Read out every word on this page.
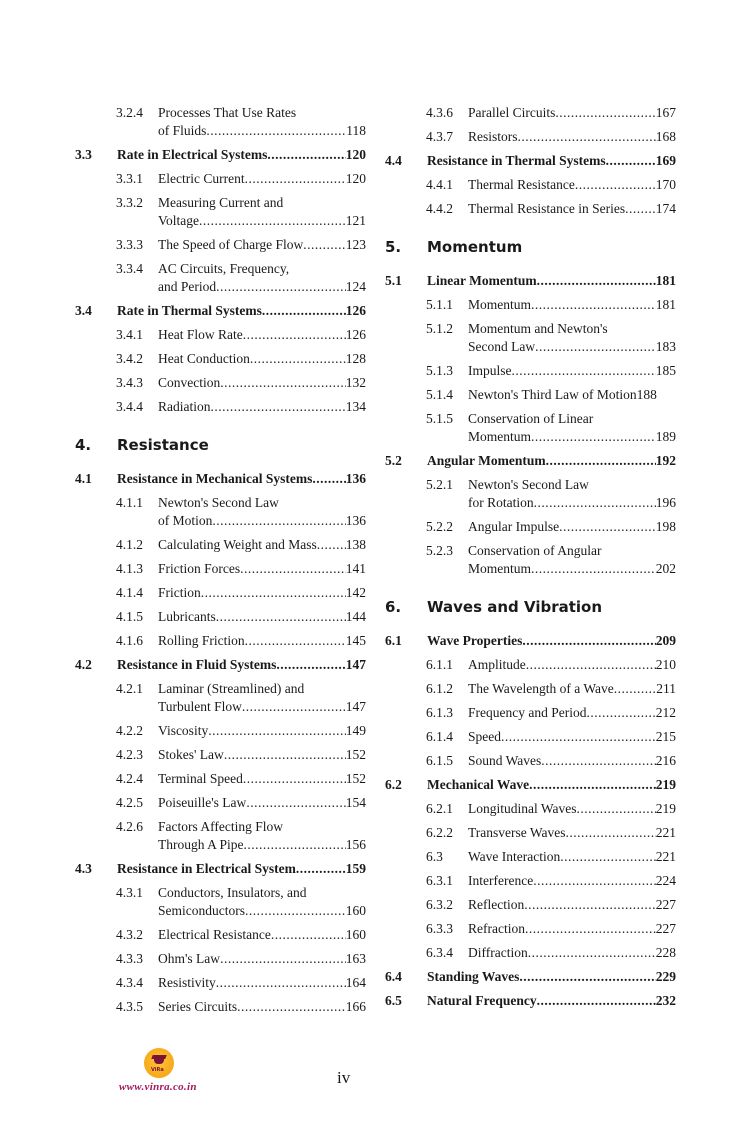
3.2.4 Processes That Use Rates
of Fluids .....	118
3.3 Rate in Electrical Systems .....	120
3.3.1 Electric Current .....	120
3.3.2 Measuring Current and
Voltage .....	121
3.3.3 The Speed of Charge Flow .....	123
3.3.4 AC Circuits, Frequency,
and Period .....	124
3.4 Rate in Thermal Systems .....	126
3.4.1 Heat Flow Rate .....	126
3.4.2 Heat Conduction .....	128
3.4.3 Convection .....	132
3.4.4 Radiation .....	134
4. Resistance
4.1 Resistance in Mechanical Systems ..... 136
4.1.1 Newton's Second Law
of Motion .....	136
4.1.2 Calculating Weight and Mass ..... 138
4.1.3 Friction Forces .....	141
4.1.4 Friction .....	142
4.1.5 Lubricants .....	144
4.1.6 Rolling Friction .....	145
4.2 Resistance in Fluid Systems .....	147
4.2.1 Laminar (Streamlined) and
Turbulent Flow .....	147
4.2.2 Viscosity .....	149
4.2.3 Stokes' Law .....	152
4.2.4 Terminal Speed .....	152
4.2.5 Poiseuille's Law .....	154
4.2.6 Factors Affecting Flow
Through A Pipe .....	156
4.3 Resistance in Electrical System .....	159
4.3.1 Conductors, Insulators, and
Semiconductors .....	160
4.3.2 Electrical Resistance .....	160
4.3.3 Ohm's Law .....	163
4.3.4 Resistivity .....	164
4.3.5 Series Circuits .....	166
4.3.6 Parallel Circuits .....	167
4.3.7 Resistors .....	168
4.4 Resistance in Thermal Systems .....	169
4.4.1 Thermal Resistance .....	170
4.4.2 Thermal Resistance in Series ..... 174
5. Momentum
5.1 Linear Momentum .....	181
5.1.1 Momentum .....	181
5.1.2 Momentum and Newton's
Second Law .....	183
5.1.3 Impulse .....	185
5.1.4 Newton's Third Law of Motion 188
5.1.5 Conservation of Linear
Momentum .....	189
5.2 Angular Momentum .....	192
5.2.1 Newton's Second Law
for Rotation .....	196
5.2.2 Angular Impulse .....	198
5.2.3 Conservation of Angular
Momentum .....	202
6. Waves and Vibration
6.1 Wave Properties .....	209
6.1.1 Amplitude .....	210
6.1.2 The Wavelength of a Wave .....	211
6.1.3 Frequency and Period .....	212
6.1.4 Speed .....	215
6.1.5 Sound Waves .....	216
6.2 Mechanical Wave .....	219
6.2.1 Longitudinal Waves .....	219
6.2.2 Transverse Waves .....	221
6.3 Wave Interaction .....	221
6.3.1 Interference .....	224
6.3.2 Reflection .....	227
6.3.3 Refraction .....	227
6.3.4 Diffraction .....	228
6.4 Standing Waves .....	229
6.5 Natural Frequency .....	232
ViRa
www.vinra.co.in	iv
